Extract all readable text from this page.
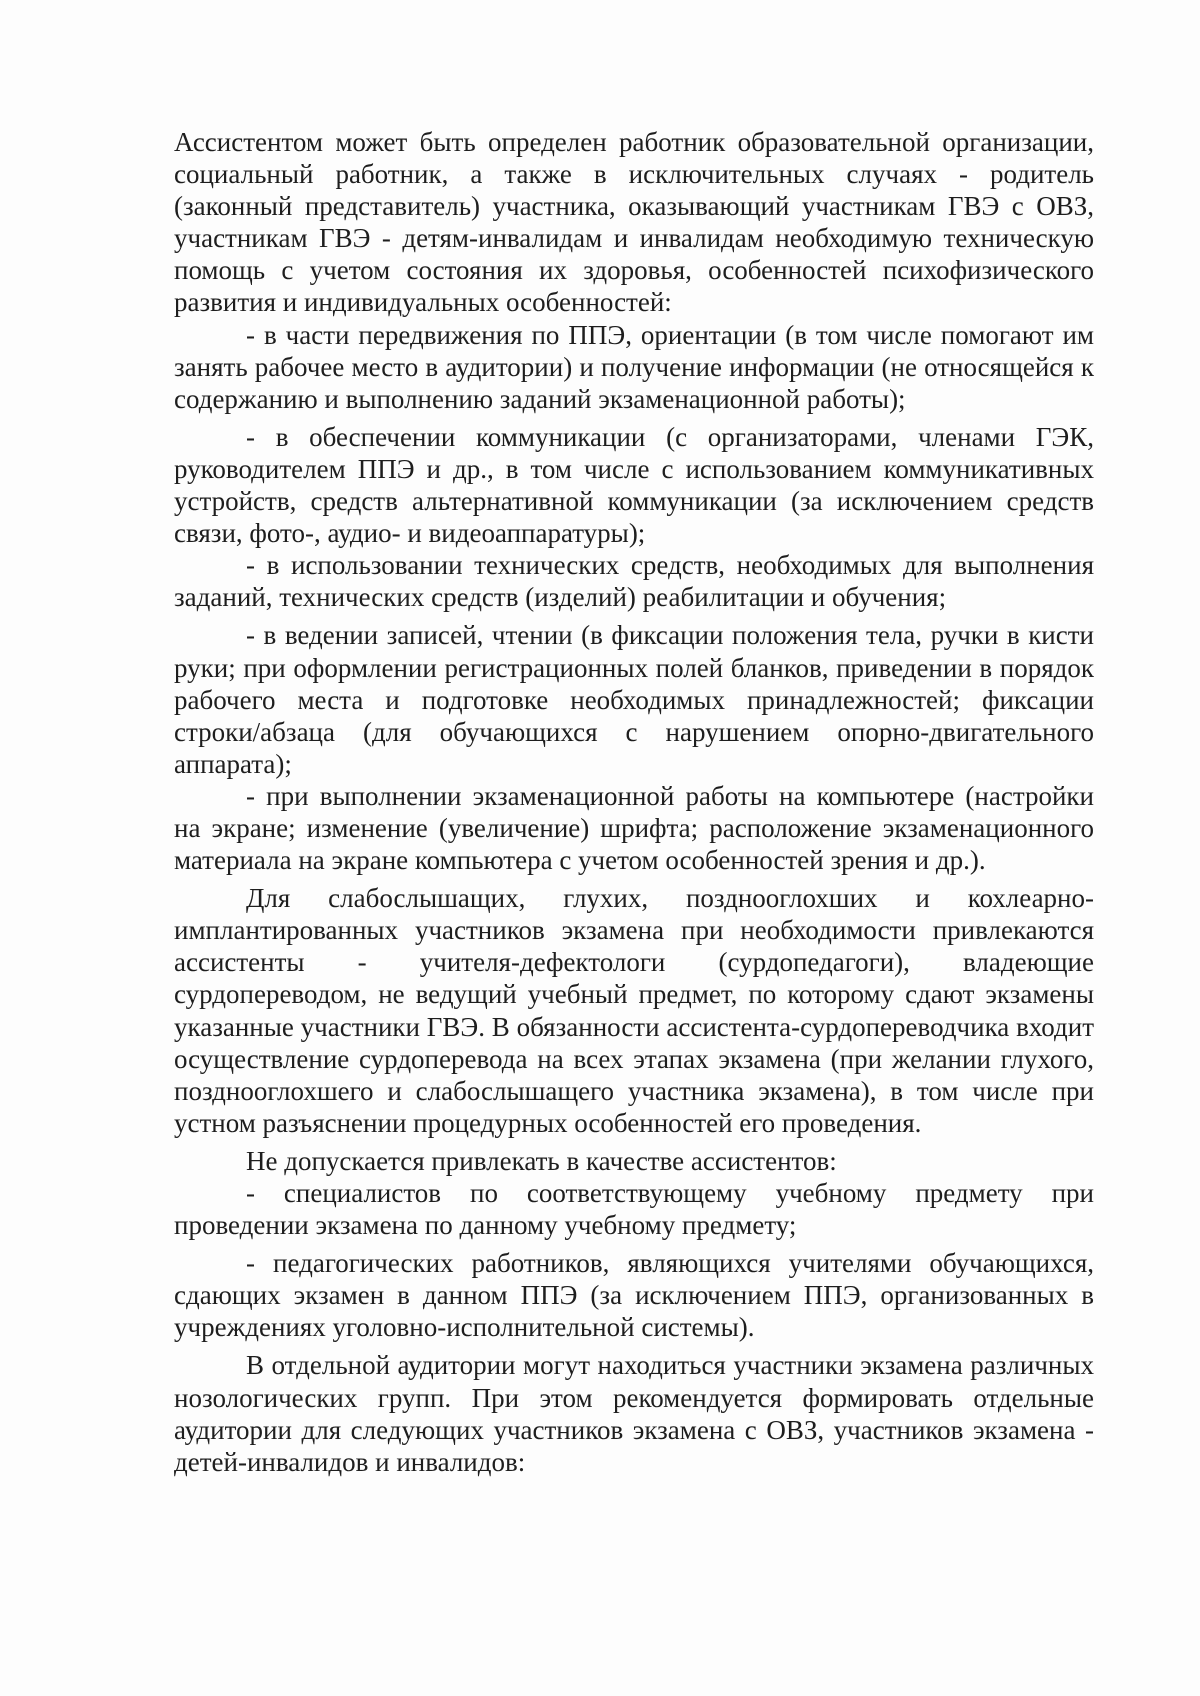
Ассистентом может быть определен работник образовательной организации, социальный работник, а также в исключительных случаях - родитель (законный представитель) участника, оказывающий участникам ГВЭ с ОВЗ, участникам ГВЭ - детям-инвалидам и инвалидам необходимую техническую помощь с учетом состояния их здоровья, особенностей психофизического развития и индивидуальных особенностей:

- в части передвижения по ППЭ, ориентации (в том числе помогают им занять рабочее место в аудитории) и получение информации (не относящейся к содержанию и выполнению заданий экзаменационной работы);

- в обеспечении коммуникации (с организаторами, членами ГЭК, руководителем ППЭ и др., в том числе с использованием коммуникативных устройств, средств альтернативной коммуникации (за исключением средств связи, фото-, аудио- и видеоаппаратуры);

- в использовании технических средств, необходимых для выполнения заданий, технических средств (изделий) реабилитации и обучения;

- в ведении записей, чтении (в фиксации положения тела, ручки в кисти руки; при оформлении регистрационных полей бланков, приведении в порядок рабочего места и подготовке необходимых принадлежностей; фиксации строки/абзаца (для обучающихся с нарушением опорно-двигательного аппарата);

- при выполнении экзаменационной работы на компьютере (настройки на экране; изменение (увеличение) шрифта; расположение экзаменационного материала на экране компьютера с учетом особенностей зрения и др.).

Для слабослышащих, глухих, позднооглохших и кохлеарно-имплантированных участников экзамена при необходимости привлекаются ассистенты - учителя-дефектологи (сурдопедагоги), владеющие сурдопереводом, не ведущий учебный предмет, по которому сдают экзамены указанные участники ГВЭ. В обязанности ассистента-сурдопереводчика входит осуществление сурдоперевода на всех этапах экзамена (при желании глухого, позднооглохшего и слабослышащего участника экзамена), в том числе при устном разъяснении процедурных особенностей его проведения.

Не допускается привлекать в качестве ассистентов:

- специалистов по соответствующему учебному предмету при проведении экзамена по данному учебному предмету;

- педагогических работников, являющихся учителями обучающихся, сдающих экзамен в данном ППЭ (за исключением ППЭ, организованных в учреждениях уголовно-исполнительной системы).

В отдельной аудитории могут находиться участники экзамена различных нозологических групп. При этом рекомендуется формировать отдельные аудитории для следующих участников экзамена с ОВЗ, участников экзамена - детей-инвалидов и инвалидов:
